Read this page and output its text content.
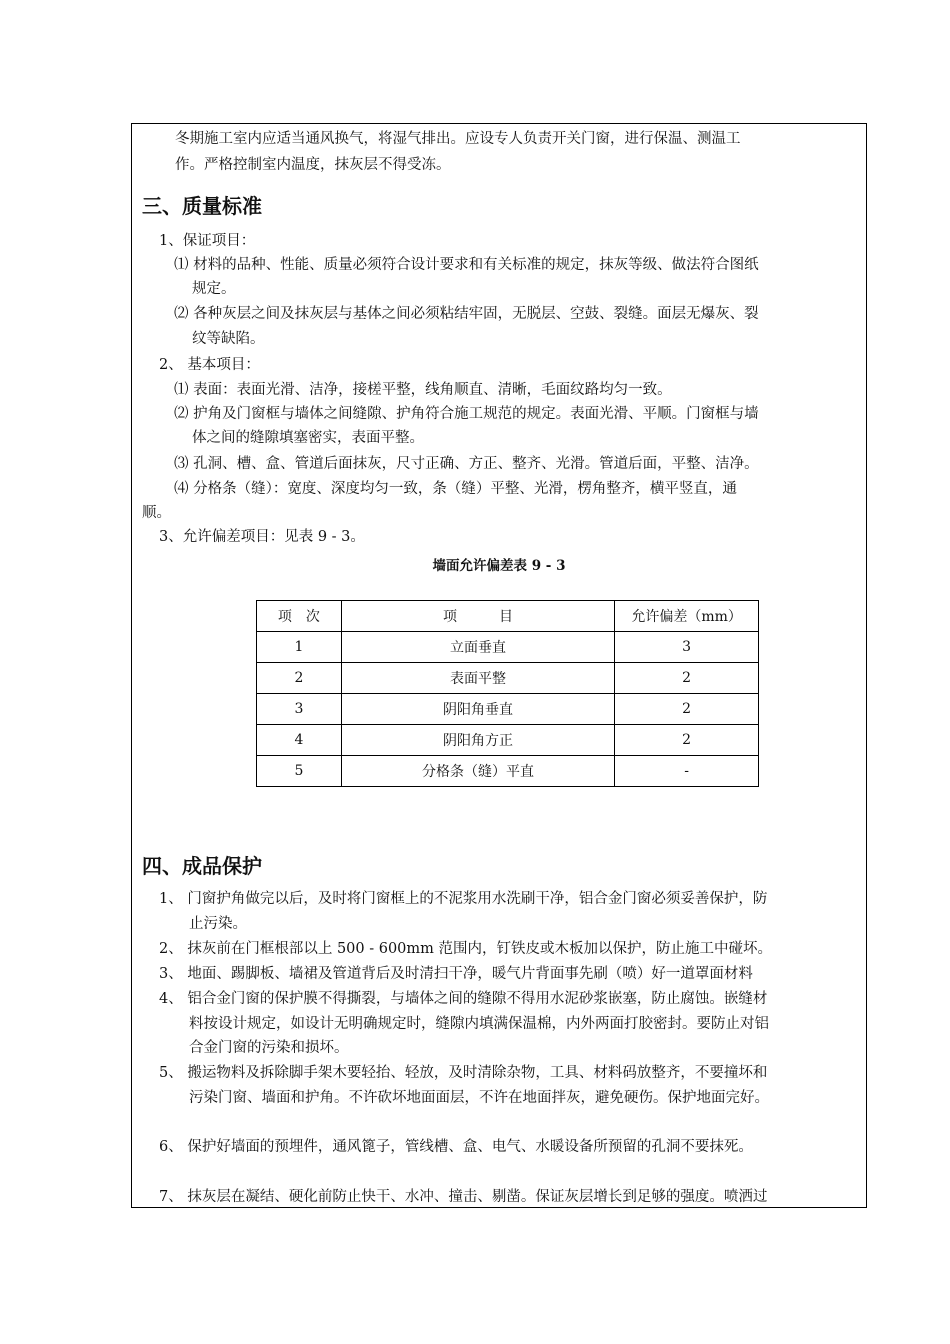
冬期施工室内应适当通风换气，将湿气排出。应设专人负责开关门窗，进行保温、测温工
作。严格控制室内温度，抹灰层不得受冻。
三、质量标准
1、保证项目：
⑴ 材料的品种、性能、质量必须符合设计要求和有关标准的规定，抹灰等级、做法符合图纸
规定。
⑵ 各种灰层之间及抹灰层与基体之间必须粘结牢固，无脱层、空鼓、裂缝。面层无爆灰、裂
纹等缺陷。
2、 基本项目：
⑴ 表面：表面光滑、洁净，接槎平整，线角顺直、清晰，毛面纹路均匀一致。
⑵ 护角及门窗框与墙体之间缝隙、护角符合施工规范的规定。表面光滑、平顺。门窗框与墙
体之间的缝隙填塞密实，表面平整。
⑶ 孔洞、槽、盒、管道后面抹灰，尺寸正确、方正、整齐、光滑。管道后面，平整、洁净。
⑷ 分格条（缝）：宽度、深度均匀一致，条（缝）平整、光滑，楞角整齐，横平竖直，通
顺。
3、允许偏差项目：见表 9 - 3。
墙面允许偏差表 9 - 3
项　次	项　　　目	允许偏差（mm）
1	立面垂直	3
2	表面平整	2
3	阴阳角垂直	2
4	阴阳角方正	2
5	分格条（缝）平直	-
四、成品保护
1、 门窗护角做完以后，及时将门窗框上的不泥浆用水洗刷干净，铝合金门窗必须妥善保护，防
止污染。
2、 抹灰前在门框根部以上 500 - 600mm 范围内，钉铁皮或木板加以保护，防止施工中碰坏。
3、 地面、踢脚板、墙裙及管道背后及时清扫干净，暖气片背面事先刷（喷）好一道罩面材料
4、 铝合金门窗的保护膜不得撕裂，与墙体之间的缝隙不得用水泥砂浆嵌塞，防止腐蚀。嵌缝材
料按设计规定，如设计无明确规定时，缝隙内填满保温棉，内外两面打胶密封。要防止对铝
合金门窗的污染和损坏。
5、 搬运物料及拆除脚手架木要轻抬、轻放，及时清除杂物，工具、材料码放整齐，不要撞坏和
污染门窗、墙面和护角。不许砍坏地面面层，不许在地面拌灰，避免硬伤。保护地面完好。
6、 保护好墙面的预埋件，通风篦子，管线槽、盒、电气、水暖设备所预留的孔洞不要抹死。
7、 抹灰层在凝结、硬化前防止快干、水冲、撞击、剔凿。保证灰层增长到足够的强度。喷洒过
